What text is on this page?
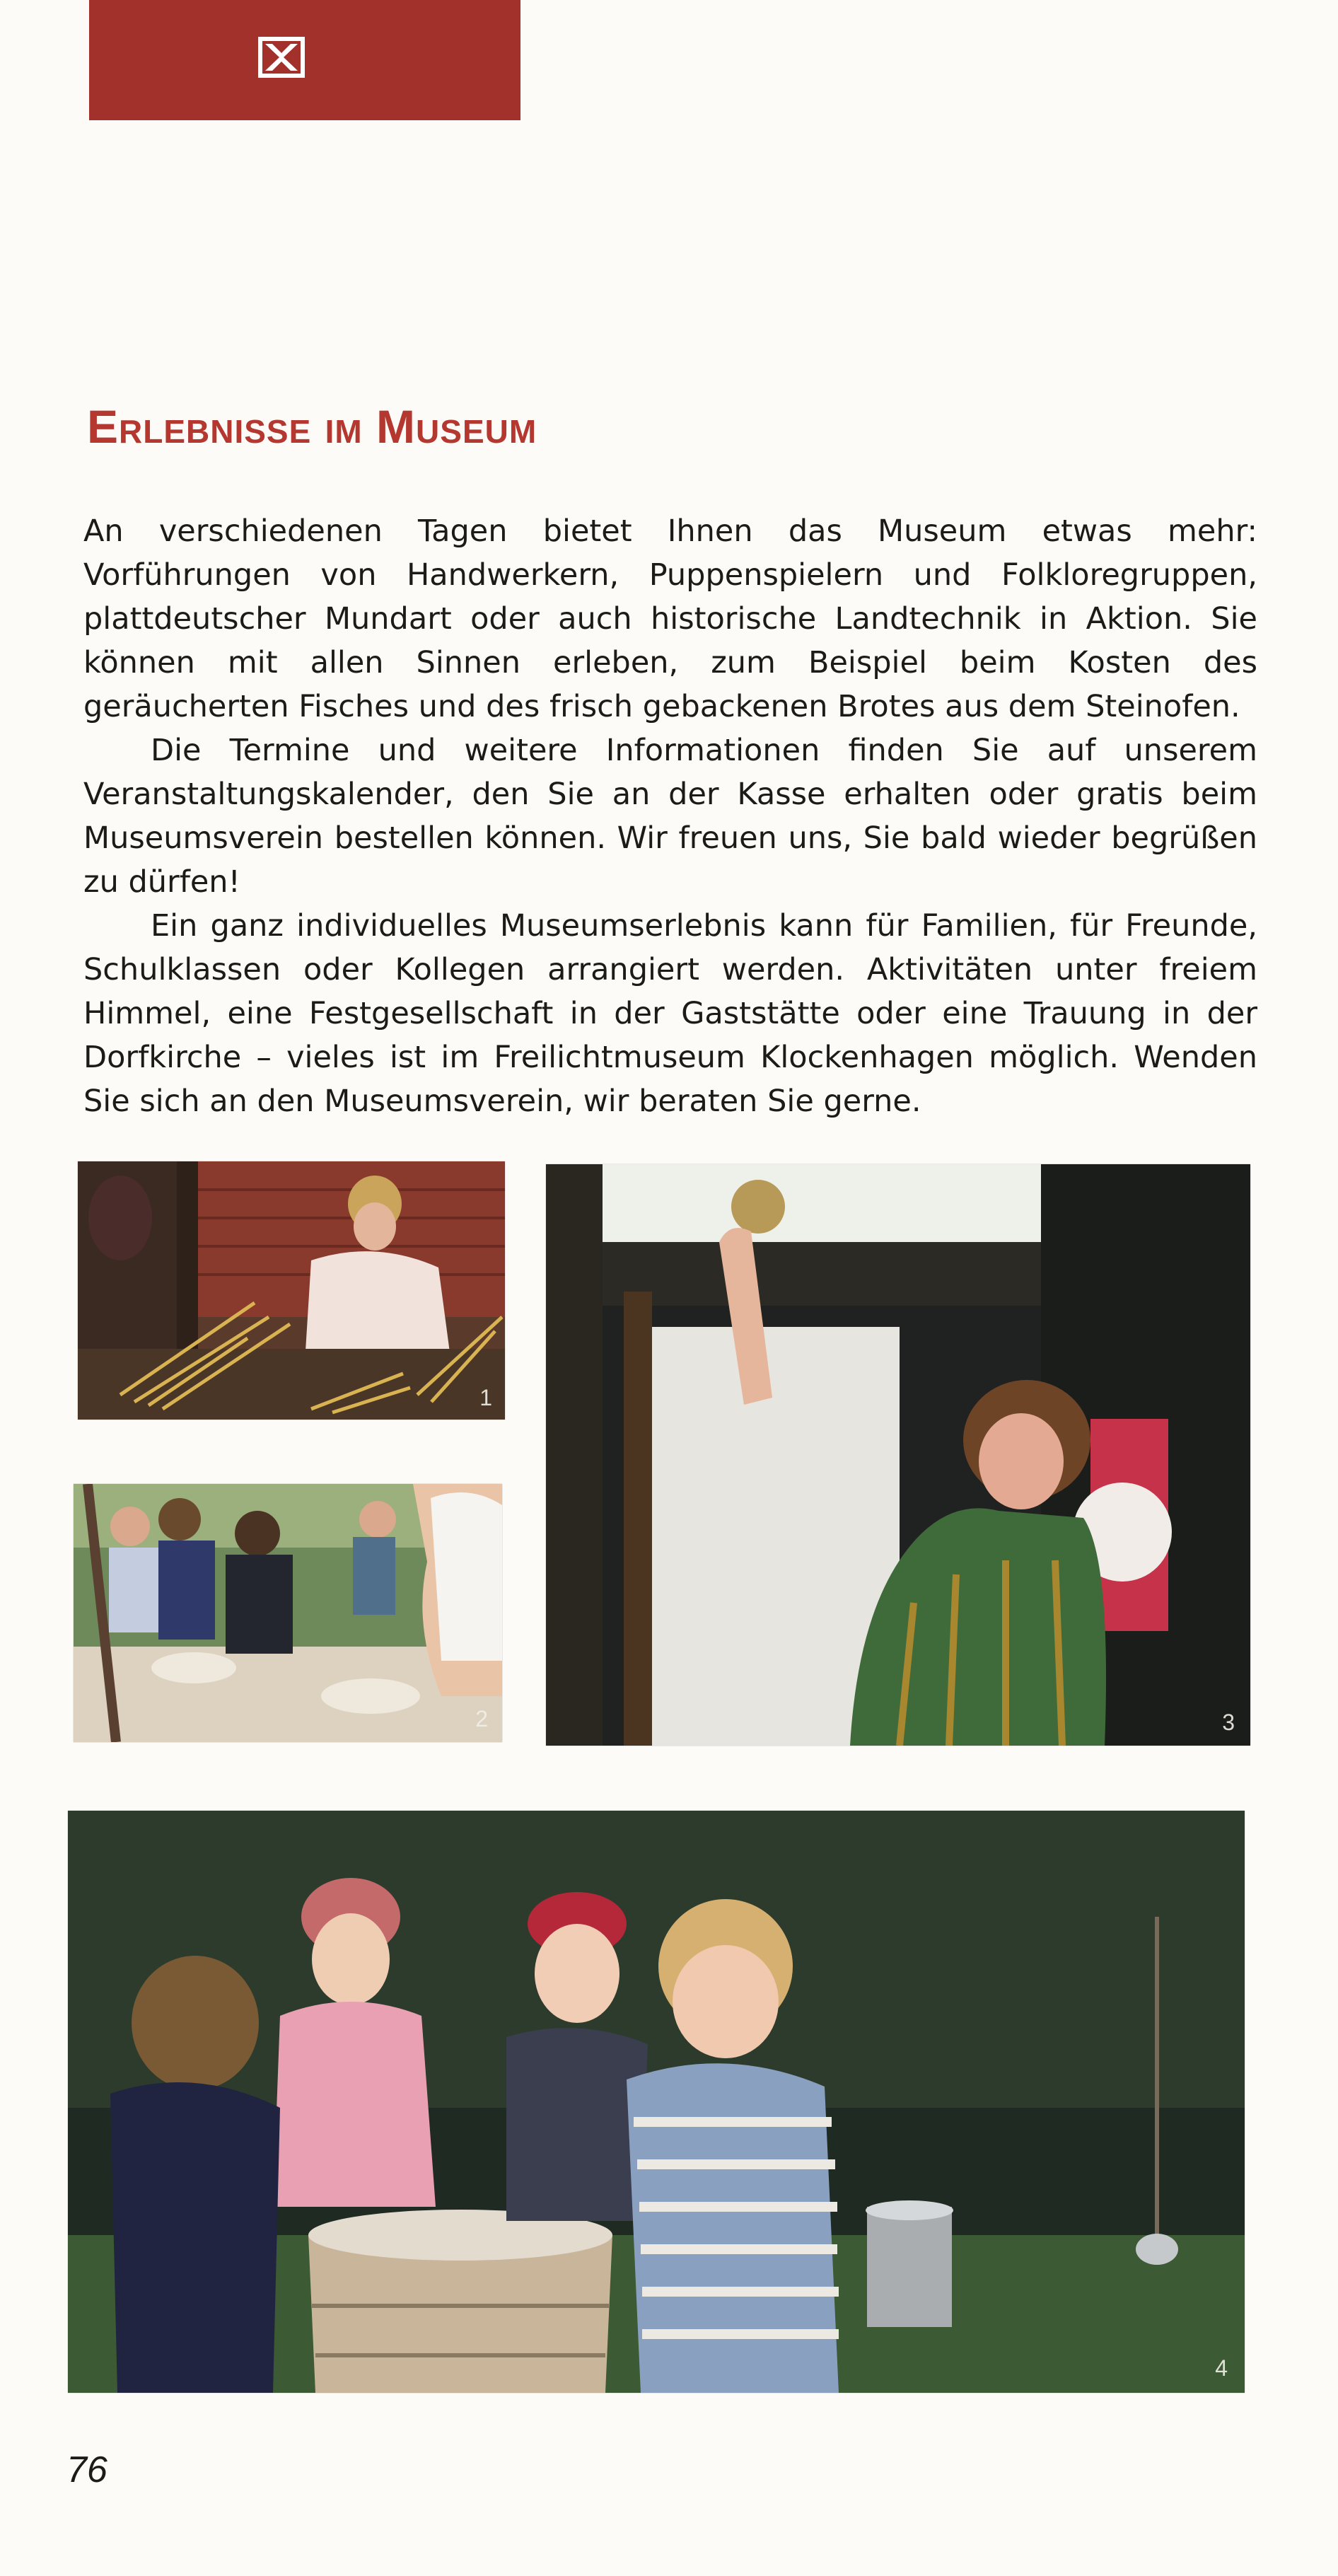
Erlebnisse im Museum

An verschiedenen Tagen bietet Ihnen das Museum etwas mehr: Vorführungen von Handwerkern, Puppenspielern und Folkloregruppen, plattdeutscher Mundart oder auch historische Landtechnik in Aktion. Sie können mit allen Sinnen erleben, zum Beispiel beim Kosten des geräucherten Fisches und des frisch gebackenen Brotes aus dem Steinofen.

Die Termine und weitere Informationen finden Sie auf unserem Veranstaltungskalender, den Sie an der Kasse erhalten oder gratis beim Museumsverein bestellen können. Wir freuen uns, Sie bald wieder begrüßen zu dürfen!

Ein ganz individuelles Museumserlebnis kann für Familien, für Freunde, Schulklassen oder Kollegen arrangiert werden. Aktivitäten unter freiem Himmel, eine Festgesellschaft in der Gaststätte oder eine Trauung in der Dorfkirche – vieles ist im Freilichtmuseum Klockenhagen möglich. Wenden Sie sich an den Museumsverein, wir beraten Sie gerne.

1
2	3
4
76
